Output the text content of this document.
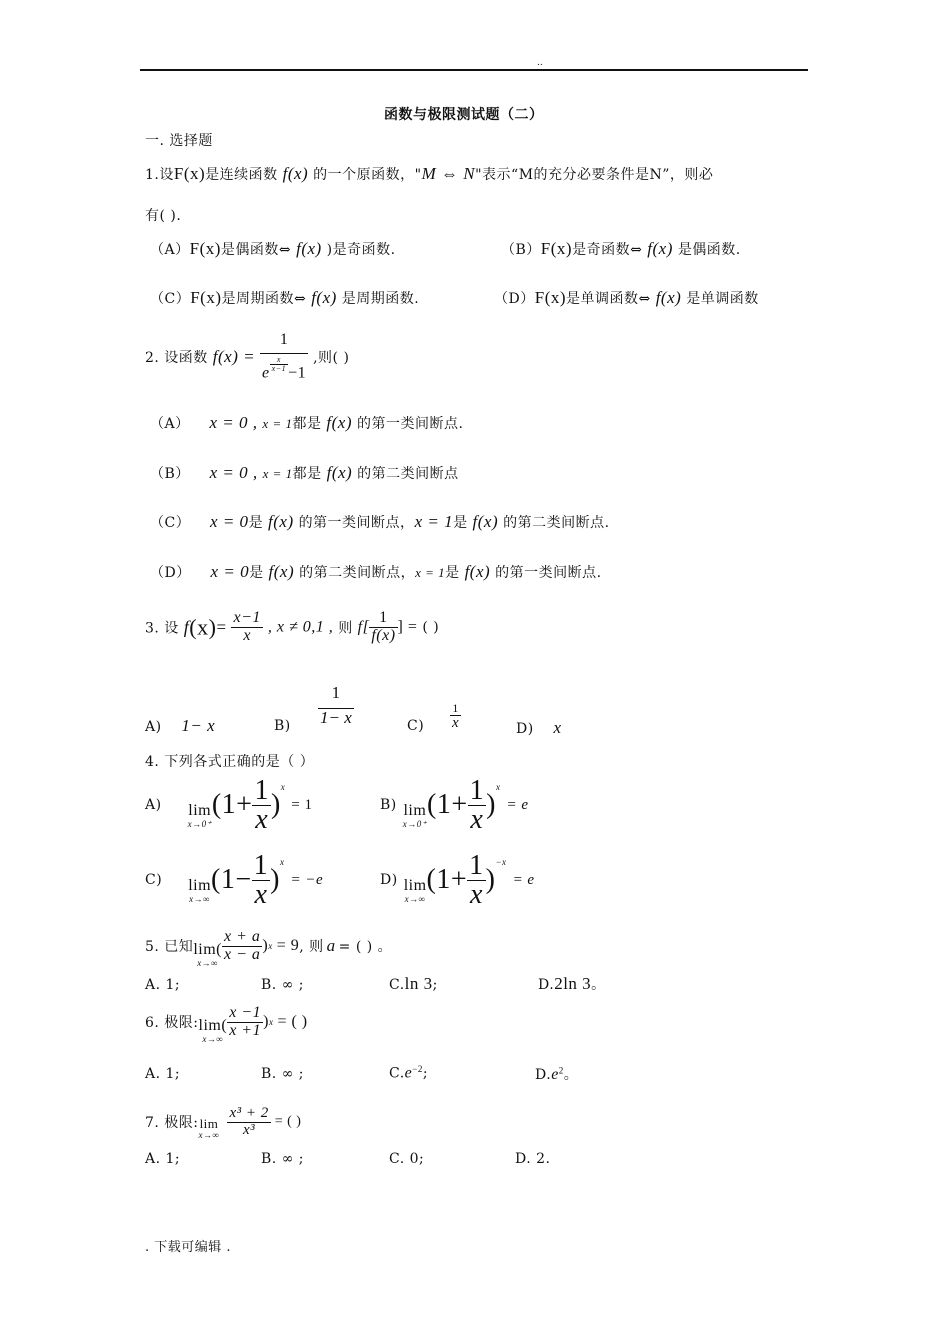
..
函数与极限测试题（二）
一. 选择题
1.设F(x)是连续函数 f(x) 的一个原函数，"M ⇔ N"表示“M的充分必要条件是N”，则必
有( ).
（A）F(x)是偶函数⇔ f(x) )是奇函数.	（B）F(x)是奇函数⇔ f(x) 是偶函数.
（C）F(x)是周期函数⇔ f(x) 是周期函数.	（D）F(x)是单调函数⇔ f(x) 是单调函数
2. 设函数 $f(x) = \frac{1}{e \frac{x}{x-1} -1}$ ,则( )
（A） x = 0 , x = 1都是 f(x) 的第一类间断点.
（B） x = 0 , x = 1都是 f(x) 的第二类间断点
（C） x = 0是 f(x) 的第一类间断点，x = 1是 f(x) 的第二类间断点.
（D） x = 0是 f(x) 的第二类间断点，x = 1是 f(x) 的第一类间断点.
3. 设 $f(x)= \frac{x-1}{x}$ , x ≠ 0,1 , 则 $f[ \frac{1}{f(x)}$ ] = ( )
A) 1− x	$B) \frac{1}{1- x}$	$C) \frac{1}{x}$	D) x
4. 下列各式正确的是（ ）
A) lim
x→0⁺
($1+ \frac{1}{x}$ )
x
= 1	B) lim
x→0⁺
($1+ \frac{1}{x}$ )
x
= e
C) lim
x→∞
($1- \frac{1}{x}$ )
x
= −e	D) lim
x→∞
($1+ \frac{1}{x}$ )
−x
= e
5. 已知 lim(
$x\to\infty \frac{x + a}{x - a}$ ) x = 9 , 则 a = ( ) 。
A. 1;	B. ∞ ;	C.ln 3;	D.2ln 3。
6. 极限: lim(
$x\to\infty \frac{x -1}{x +1}$ ) x = ( )
A. 1;	B. ∞ ;	$C.e^{-2}$;	$D.e^2$。
7. 极限: lim
$x\to\infty \frac{\text{x³ + 2}}{\text{x³}}$ = ( )
A. 1;	B. ∞ ;	C. 0;	D. 2.
. 下载可编辑 .
